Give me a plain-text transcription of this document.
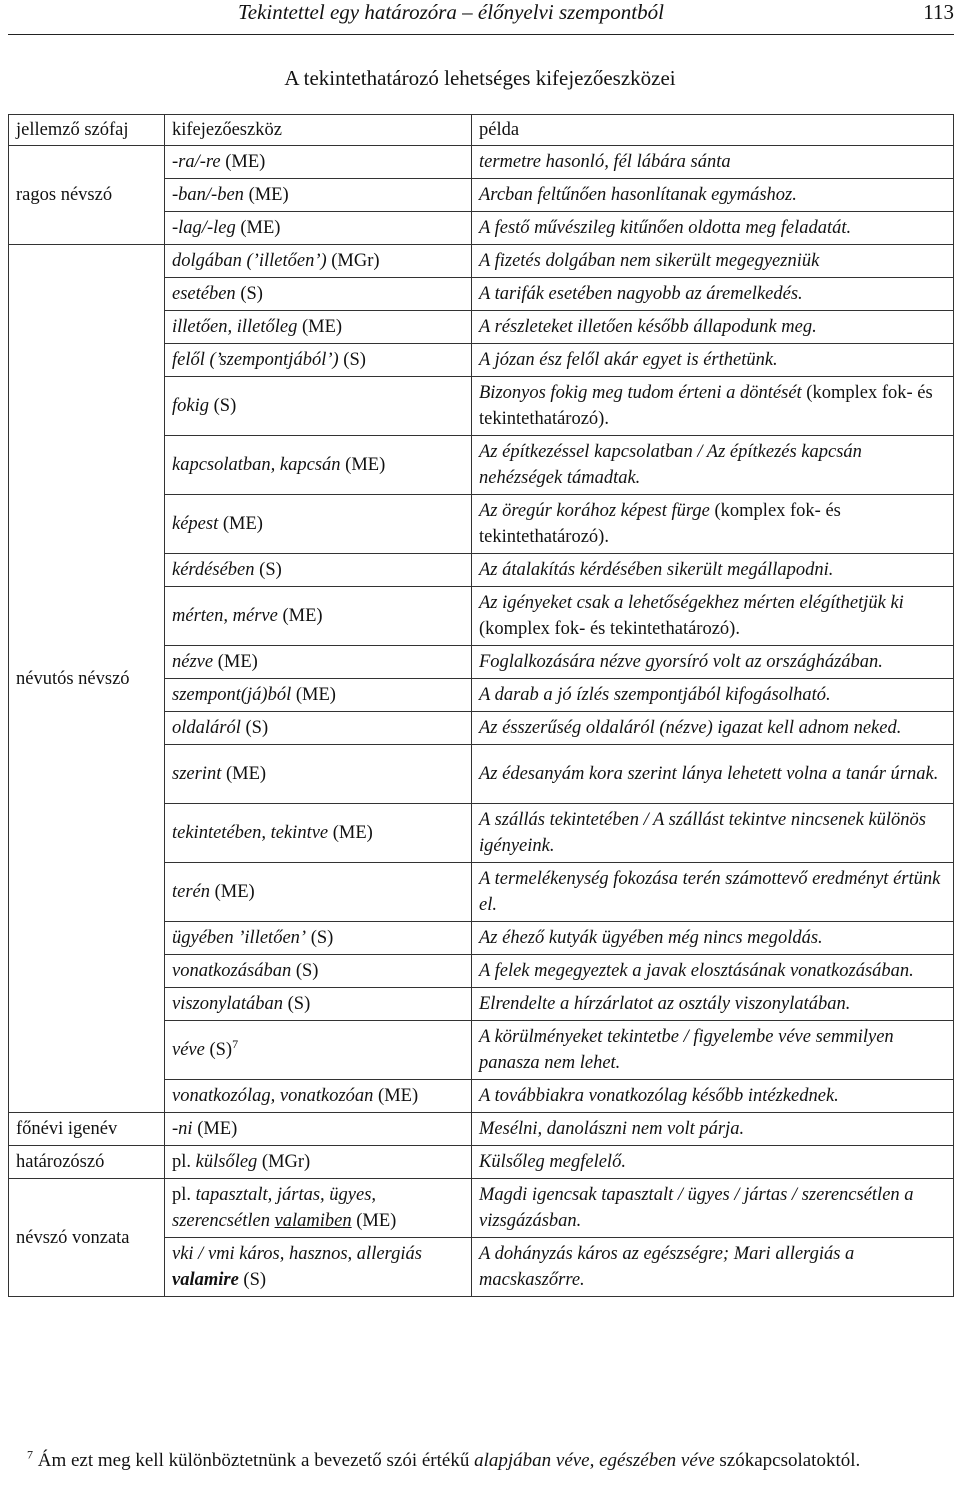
Tekintettel egy határozóra – élőnyelvi szempontból	113
A tekintethatározó lehetséges kifejezőeszközei
jellemző szófaj	kifejezőeszköz	példa
ragos névszó	-ra/-re (ME)	termetre hasonló, fél lábára sánta
	-ban/-ben (ME)	Arcban feltűnően hasonlítanak egymáshoz.
	-lag/-leg (ME)	A festő művészileg kitűnően oldotta meg feladatát.
névutós névszó	dolgában (’illetően’) (MGr)	A fizetés dolgában nem sikerült megegyezniük
	esetében (S)	A tarifák esetében nagyobb az áremelkedés.
	illetően, illetőleg (ME)	A részleteket illetően később állapodunk meg.
	felől (’szempontjából’) (S)	A józan ész felől akár egyet is érthetünk.
	fokig (S)	Bizonyos fokig meg tudom érteni a döntését (komplex fok- és tekintethatározó).
	kapcsolatban, kapcsán (ME)	Az építkezéssel kapcsolatban / Az építkezés kapcsán nehézségek támadtak.
	képest (ME)	Az öregúr korához képest fürge (komplex fok- és tekintethatározó).
	kérdésében (S)	Az átalakítás kérdésében sikerült megállapodni.
	mérten, mérve (ME)	Az igényeket csak a lehetőségekhez mérten elégíthetjük ki (komplex fok- és tekintethatározó).
	nézve (ME)	Foglalkozására nézve gyorsíró volt az országházában.
	szempont(já)ból (ME)	A darab a jó ízlés szempontjából kifogásolható.
	oldaláról (S)	Az ésszerűség oldaláról (nézve) igazat kell adnom neked.
	szerint (ME)	Az édesanyám kora szerint lánya lehetett volna a tanár úrnak.
	tekintetében, tekintve (ME)	A szállás tekintetében / A szállást tekintve nincsenek különös igényeink.
	terén (ME)	A termelékenység fokozása terén számottevő eredményt értünk el.
	ügyében ’illetően’ (S)	Az éhező kutyák ügyében még nincs megoldás.
	vonatkozásában (S)	A felek megegyeztek a javak elosztásának vonatkozásában.
	viszonylatában (S)	Elrendelte a hírzárlatot az osztály viszonylatában.
	véve $(S)^7$	A körülményeket tekintetbe / figyelembe véve semmilyen panasza nem lehet.
	vonatkozólag, vonatkozóan (ME)	A továbbiakra vonatkozólag később intézkednek.
főnévi igenév	-ni (ME)	Mesélni, danolászni nem volt párja.
határozószó	pl. külsőleg (MGr)	Külsőleg megfelelő.
névszó vonzata	pl. tapasztalt, jártas, ügyes, szerencsétlen valamiben (ME)	Magdi igencsak tapasztalt / ügyes / jártas / szerencsétlen a vizsgázásban.
	vki / vmi káros, hasznos, allergiás valamire (S)	A dohányzás káros az egészségre; Mari allergiás a macskaszőrre.
$^7$ Ám ezt meg kell különböztetnünk a bevezető szói értékű alapjában véve, egészében véve szókapcsolatoktól.
